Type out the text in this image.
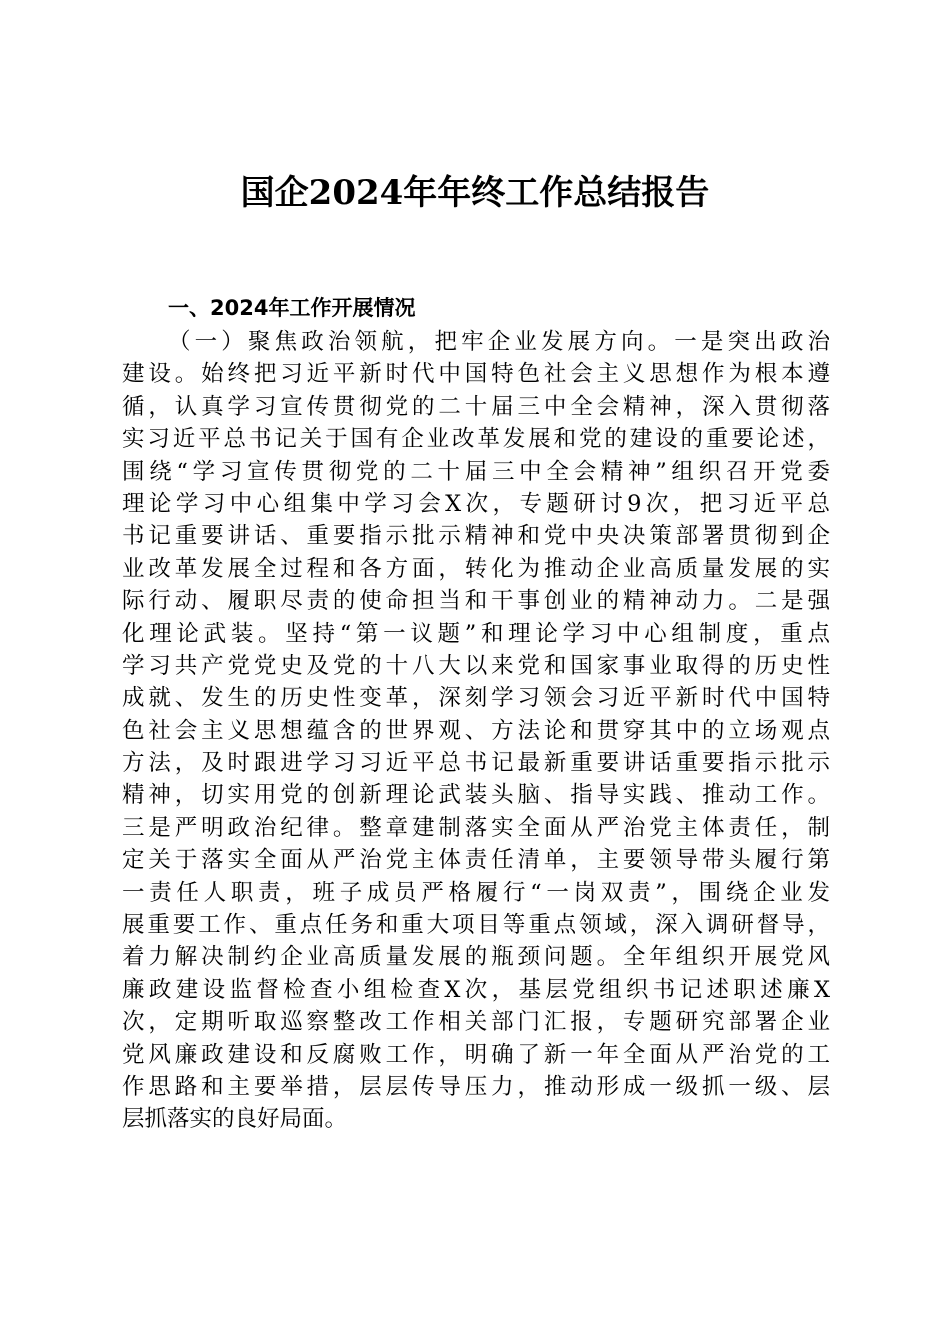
国企2024年年终工作总结报告
一、2024年工作开展情况
（一）聚焦政治领航，把牢企业发展方向。一是突出政治
建设。始终把习近平新时代中国特色社会主义思想作为根本遵
循，认真学习宣传贯彻党的二十届三中全会精神，深入贯彻落
实习近平总书记关于国有企业改革发展和党的建设的重要论述，
围绕“学习宣传贯彻党的二十届三中全会精神”组织召开党委
理论学习中心组集中学习会X次，专题研讨9次，把习近平总
书记重要讲话、重要指示批示精神和党中央决策部署贯彻到企
业改革发展全过程和各方面，转化为推动企业高质量发展的实
际行动、履职尽责的使命担当和干事创业的精神动力。二是强
化理论武装。坚持“第一议题”和理论学习中心组制度，重点
学习共产党党史及党的十八大以来党和国家事业取得的历史性
成就、发生的历史性变革，深刻学习领会习近平新时代中国特
色社会主义思想蕴含的世界观、方法论和贯穿其中的立场观点
方法，及时跟进学习习近平总书记最新重要讲话重要指示批示
精神，切实用党的创新理论武装头脑、指导实践、推动工作。
三是严明政治纪律。整章建制落实全面从严治党主体责任，制
定关于落实全面从严治党主体责任清单，主要领导带头履行第
一责任人职责，班子成员严格履行“一岗双责”，围绕企业发
展重要工作、重点任务和重大项目等重点领域，深入调研督导，
着力解决制约企业高质量发展的瓶颈问题。全年组织开展党风
廉政建设监督检查小组检查X次，基层党组织书记述职述廉X
次，定期听取巡察整改工作相关部门汇报，专题研究部署企业
党风廉政建设和反腐败工作，明确了新一年全面从严治党的工
作思路和主要举措，层层传导压力，推动形成一级抓一级、层
层抓落实的良好局面。
